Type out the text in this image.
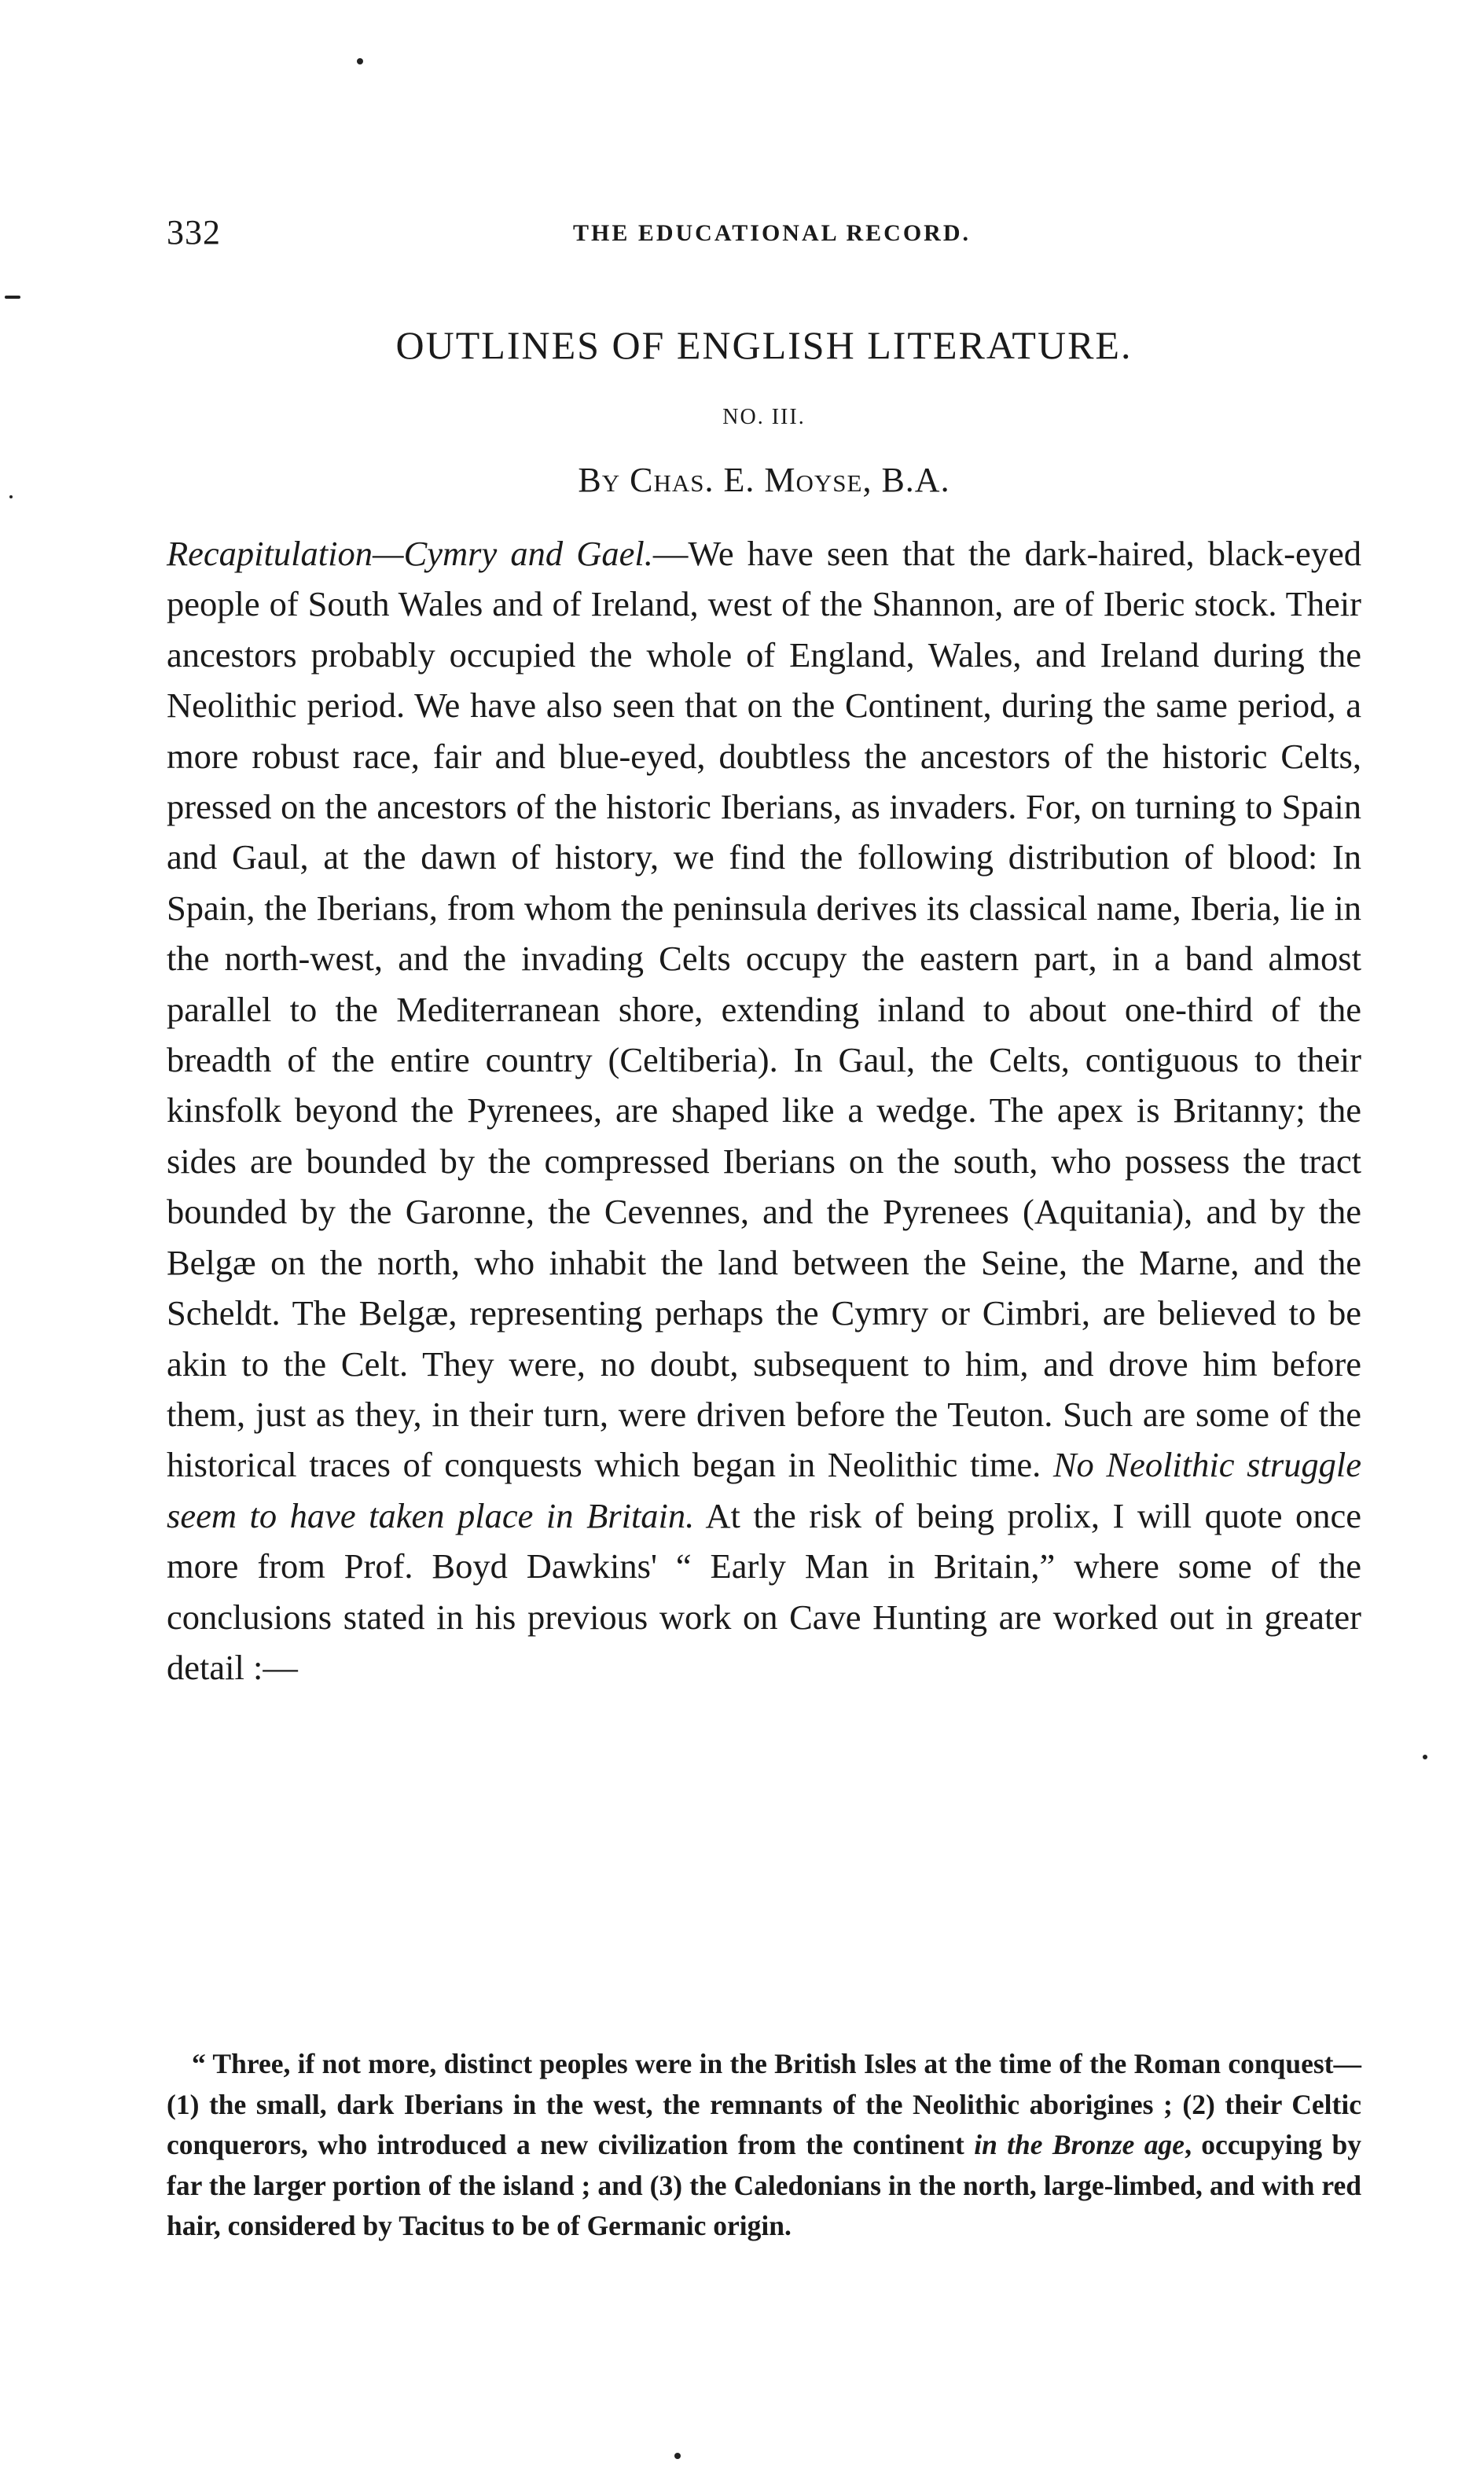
332	THE EDUCATIONAL RECORD.
OUTLINES OF ENGLISH LITERATURE.
NO. III.
By Chas. E. Moyse, B.A.

Recapitulation—Cymry and Gael.—We have seen that the dark-haired, black-eyed people of South Wales and of Ireland, west of the Shannon, are of Iberic stock. Their ancestors probably occupied the whole of England, Wales, and Ireland during the Neolithic period. We have also seen that on the Continent, during the same period, a more robust race, fair and blue-eyed, doubtless the ancestors of the historic Celts, pressed on the ancestors of the historic Iberians, as invaders. For, on turning to Spain and Gaul, at the dawn of history, we find the following distribution of blood: In Spain, the Iberians, from whom the peninsula derives its classical name, Iberia, lie in the north-west, and the invading Celts occupy the eastern part, in a band almost parallel to the Mediterranean shore, extending inland to about one-third of the breadth of the entire country (Celtiberia). In Gaul, the Celts, contiguous to their kinsfolk beyond the Pyrenees, are shaped like a wedge. The apex is Britanny; the sides are bounded by the compressed Iberians on the south, who possess the tract bounded by the Garonne, the Cevennes, and the Pyrenees (Aquitania), and by the Belgæ on the north, who inhabit the land between the Seine, the Marne, and the Scheldt. The Belgæ, representing perhaps the Cymry or Cimbri, are believed to be akin to the Celt. They were, no doubt, subsequent to him, and drove him before them, just as they, in their turn, were driven before the Teuton. Such are some of the historical traces of conquests which began in Neolithic time. No Neolithic struggle seem to have taken place in Britain. At the risk of being prolix, I will quote once more from Prof. Boyd Dawkins' “ Early Man in Britain,” where some of the conclusions stated in his previous work on Cave Hunting are worked out in greater detail :—

“ Three, if not more, distinct peoples were in the British Isles at the time of the Roman conquest—(1) the small, dark Iberians in the west, the remnants of the Neolithic aborigines ; (2) their Celtic conquerors, who introduced a new civilization from the continent in the Bronze age, occupying by far the larger portion of the island ; and (3) the Caledonians in the north, large-limbed, and with red hair, considered by Tacitus to be of Germanic origin.
